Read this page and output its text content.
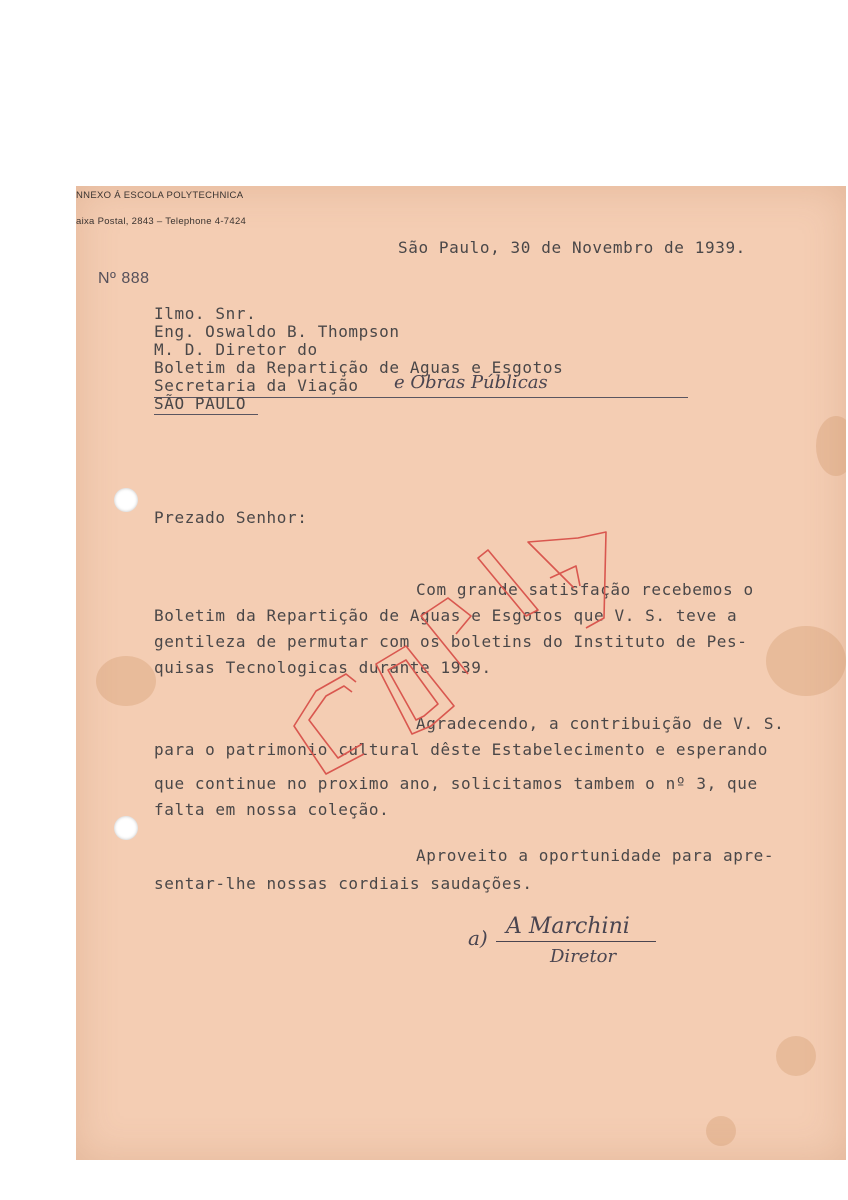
NNEXO Á ESCOLA POLYTECHNICA
aixa Postal, 2843 – Telephone 4-7424
São Paulo, 30 de Novembro de 1939.
Nº 888
Ilmo. Snr.
Eng. Oswaldo B. Thompson
M. D. Diretor do
Boletim da Repartição de Aguas e Esgotos
Secretaria da Viação e Obras Públicas
SÃO PAULO
Prezado Senhor:
Com grande satisfação recebemos o
Boletim da Repartição de Aguas e Esgotos que V. S. teve a
gentileza de permutar com os boletins do Instituto de Pes-
quisas Tecnologicas durante 1939.
Agradecendo, a contribuição de V. S.
para o patrimonio cultural dêste Estabelecimento e esperando
que continue no proximo ano, solicitamos tambem o nº 3, que
falta em nossa coleção.
Aproveito a oportunidade para apre-
sentar-lhe nossas cordiais saudações.
a) A Marchini
Diretor
